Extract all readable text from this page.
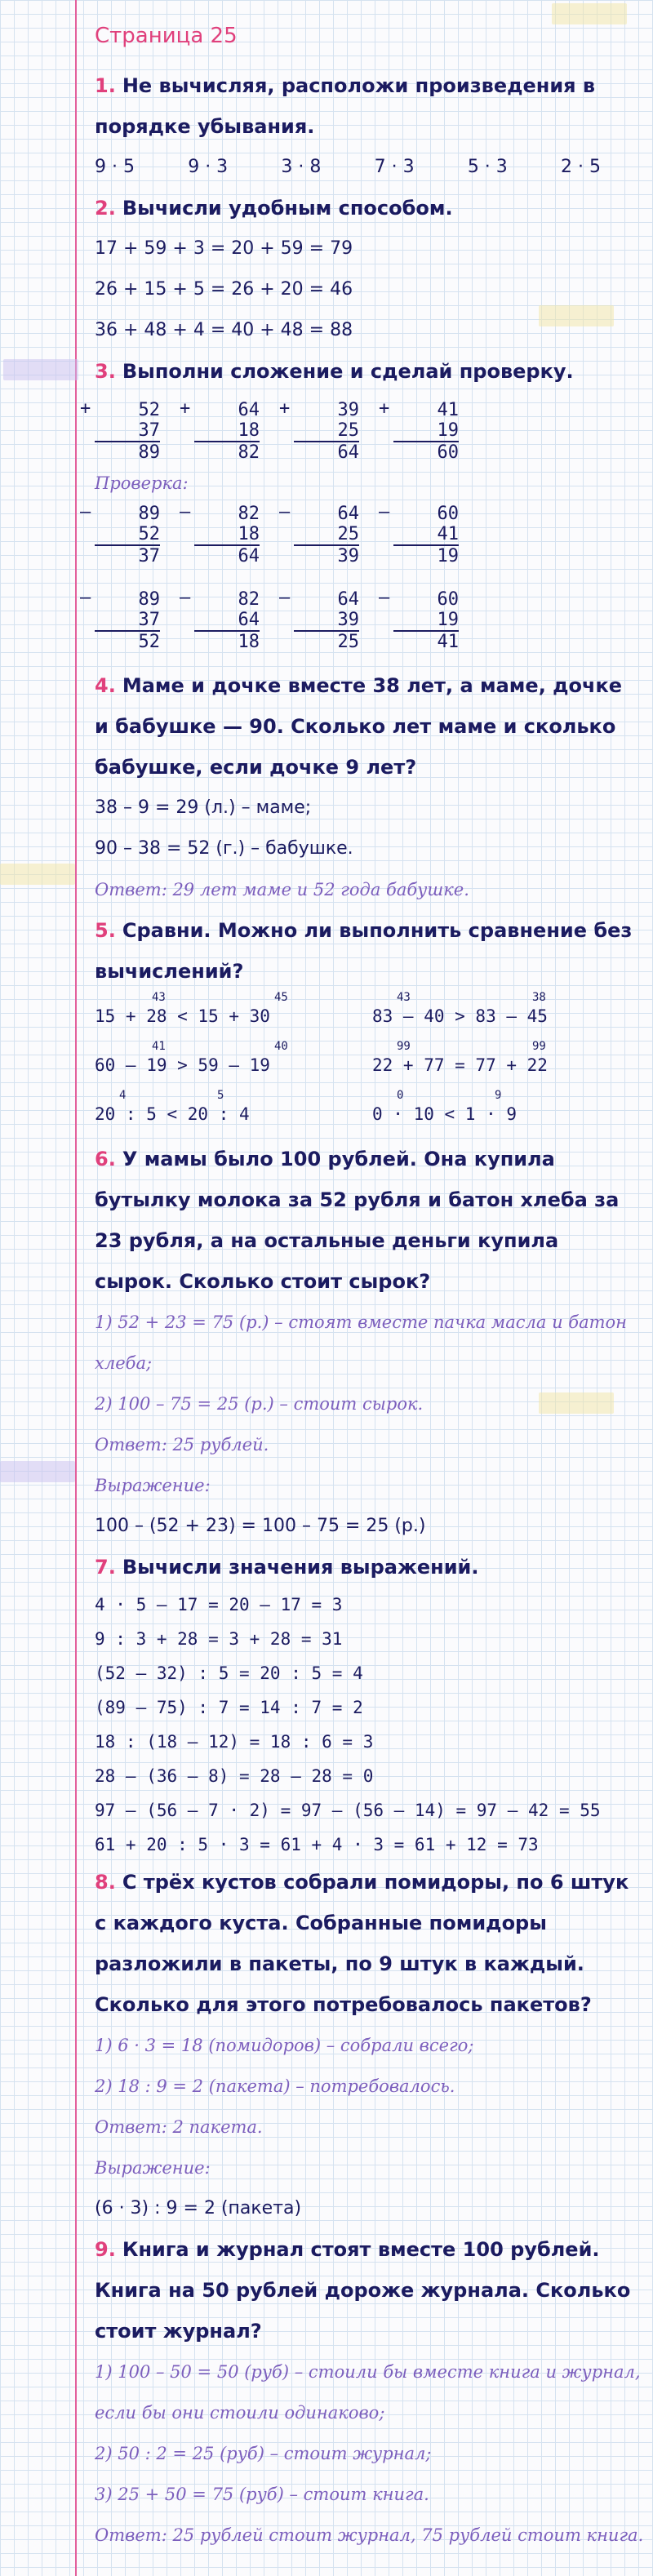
Страница 25
1. Не вычисляя, расположи произведения в порядке убывания.
9 · 5	9 · 3	3 · 8	7 · 3	5 · 3	2 · 5
2. Вычисли удобным способом.
17 + 59 + 3 = 20 + 59 = 79
26 + 15 + 5 = 26 + 20 = 46
36 + 48 + 4 = 40 + 48 = 88
3. Выполни сложение и сделай проверку.
+	52
37
89
+	64
18
82
+	39
25
64
+	41
19
60
Проверка:
–	89
52
37
–	82
18
64
–	64
25
39
–	60
41
19
–	89
37
52
–	82
64
18
–	64
39
25
–	60
19
41
4. Маме и дочке вместе 38 лет, а маме, дочке и бабушке — 90. Сколько лет маме и сколько бабушке, если дочке 9 лет?
38 – 9 = 29 (л.) – маме;
90 – 38 = 52 (г.) – бабушке.
Ответ: 29 лет маме и 52 года бабушке.
5. Сравни. Можно ли выполнить сравнение без вычислений?
43	45
15 + 28 < 15 + 30
43	38
83 – 40 > 83 – 45
41	40
60 – 19 > 59 – 19
99	99
22 + 77 = 77 + 22
4	5
20 : 5 < 20 : 4
0	9
0 · 10 < 1 · 9
6. У мамы было 100 рублей. Она купила бутылку молока за 52 рубля и батон хлеба за 23 рубля, а на остальные деньги купила сырок. Сколько стоит сырок?
1) 52 + 23 = 75 (р.) – стоят вместе пачка масла и батон хлеба;
2) 100 – 75 = 25 (р.) – стоит сырок.
Ответ: 25 рублей.
Выражение:
100 – (52 + 23) = 100 – 75 = 25 (р.)
7. Вычисли значения выражений.
4 · 5 – 17 = 20 – 17 = 3
9 : 3 + 28 = 3 + 28 = 31
(52 – 32) : 5 = 20 : 5 = 4
(89 – 75) : 7 = 14 : 7 = 2
18 : (18 – 12) = 18 : 6 = 3
28 – (36 – 8) = 28 – 28 = 0
97 – (56 – 7 · 2) = 97 – (56 – 14) = 97 – 42 = 55
61 + 20 : 5 · 3 = 61 + 4 · 3 = 61 + 12 = 73
8. С трёх кустов собрали помидоры, по 6 штук с каждого куста. Собранные помидоры разложили в пакеты, по 9 штук в каждый. Сколько для этого потребовалось пакетов?
1) 6 · 3 = 18 (помидоров) – собрали всего;
2) 18 : 9 = 2 (пакета) – потребовалось.
Ответ: 2 пакета.
Выражение:
(6 · 3) : 9 = 2 (пакета)
9. Книга и журнал стоят вместе 100 рублей. Книга на 50 рублей дороже журнала. Сколько стоит журнал?
1) 100 – 50 = 50 (руб) – стоили бы вместе книга и журнал, если бы они стоили одинаково;
2) 50 : 2 = 25 (руб) – стоит журнал;
3) 25 + 50 = 75 (руб) – стоит книга.
Ответ: 25 рублей стоит журнал, 75 рублей стоит книга.
